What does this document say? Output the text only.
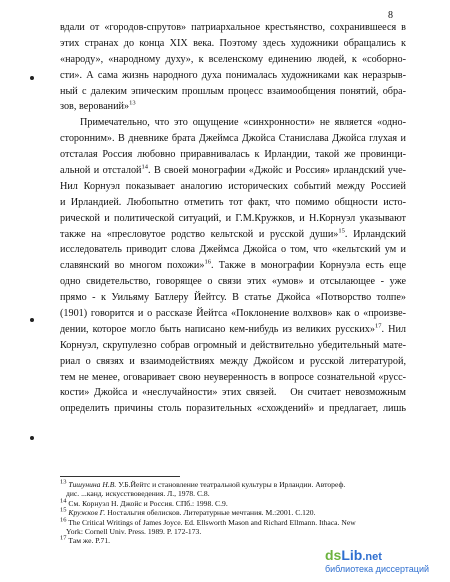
8
вдали от «городов-спрутов» патриархальное крестьянство, сохранившееся в
этих странах до конца XIX века. Поэтому здесь художники обращались к
«народу», «народному духу», к вселенскому единению людей, к «соборно-
сти». А сама жизнь народного духа понималась художниками как неразрыв-
ный с далеким эпическим прошлым процесс взаимообщения понятий, обра-
зов, верований»$^{13}$
Примечательно, что это ощущение «синхронности» не является «одно-
сторонним». В дневнике брата Джеймса Джойса Станислава Джойса глухая и
отсталая Россия любовно приравнивалась к Ирландии, такой же провинци-
альной и отсталой$^{14}$. В своей монографии «Джойс и Россия» ирландский уче-
Нил Корнуэл показывает аналогию исторических событий между Россией
и Ирландией. Любопытно отметить тот факт, что помимо общности исто-
рической и политической ситуаций, и Г.М.Кружков, и Н.Корнуэл указывают
также на «пресловутое родство кельтской и русской души»$^{15}$. Ирландский
исследователь приводит слова Джеймса Джойса о том, что «кельтский ум и
славянский во многом похожи»$^{16}$. Также в монографии Корнуэла есть еще
одно свидетельство, говорящее о связи этих «умов» и отсылающее - уже
прямо - к Уильяму Батлеру Йейтсу. В статье Джойса «Потворство толпе»
(1901) говорится и о рассказе Йейтса «Поклонение волхвов» как о «произве-
дении, которое могло быть написано кем-нибудь из великих русских»$^{17}$. Нил
Корнуэл, скрупулезно собрав огромный и действительно убедительный мате-
риал о связях и взаимодействиях между Джойсом и русской литературой,
тем не менее, оговаривает свою неуверенность в вопросе сознательной «русс-
кости» Джойса и «неслучайности» этих связей. Он считает невозможным
определить причины столь поразительных «схождений» и предлагает, лишь
$^{13}$ Тишунина Н.В. У.Б.Йейтс и становление театральной культуры в Ирландии. Автореф.
дис. ...канд. искусствоведения. Л., 1978. С.8.
$^{14}$ См. Корнуэл Н. Джойс и Россия. СПб.: 1998. С.9.
$^{15}$ Кружков Г. Ностальгия обелисков. Литературные мечтания. М.:2001. С.120.
$^{16}$ The Critical Writings of James Joyce. Ed. Ellsworth Mason and Richard Ellmann. Ithaca. New
York: Cornell Univ. Press. 1989. P. 172-173.
$^{17}$ Там же. P.71.
dsLib.net
библиотека диссертаций
